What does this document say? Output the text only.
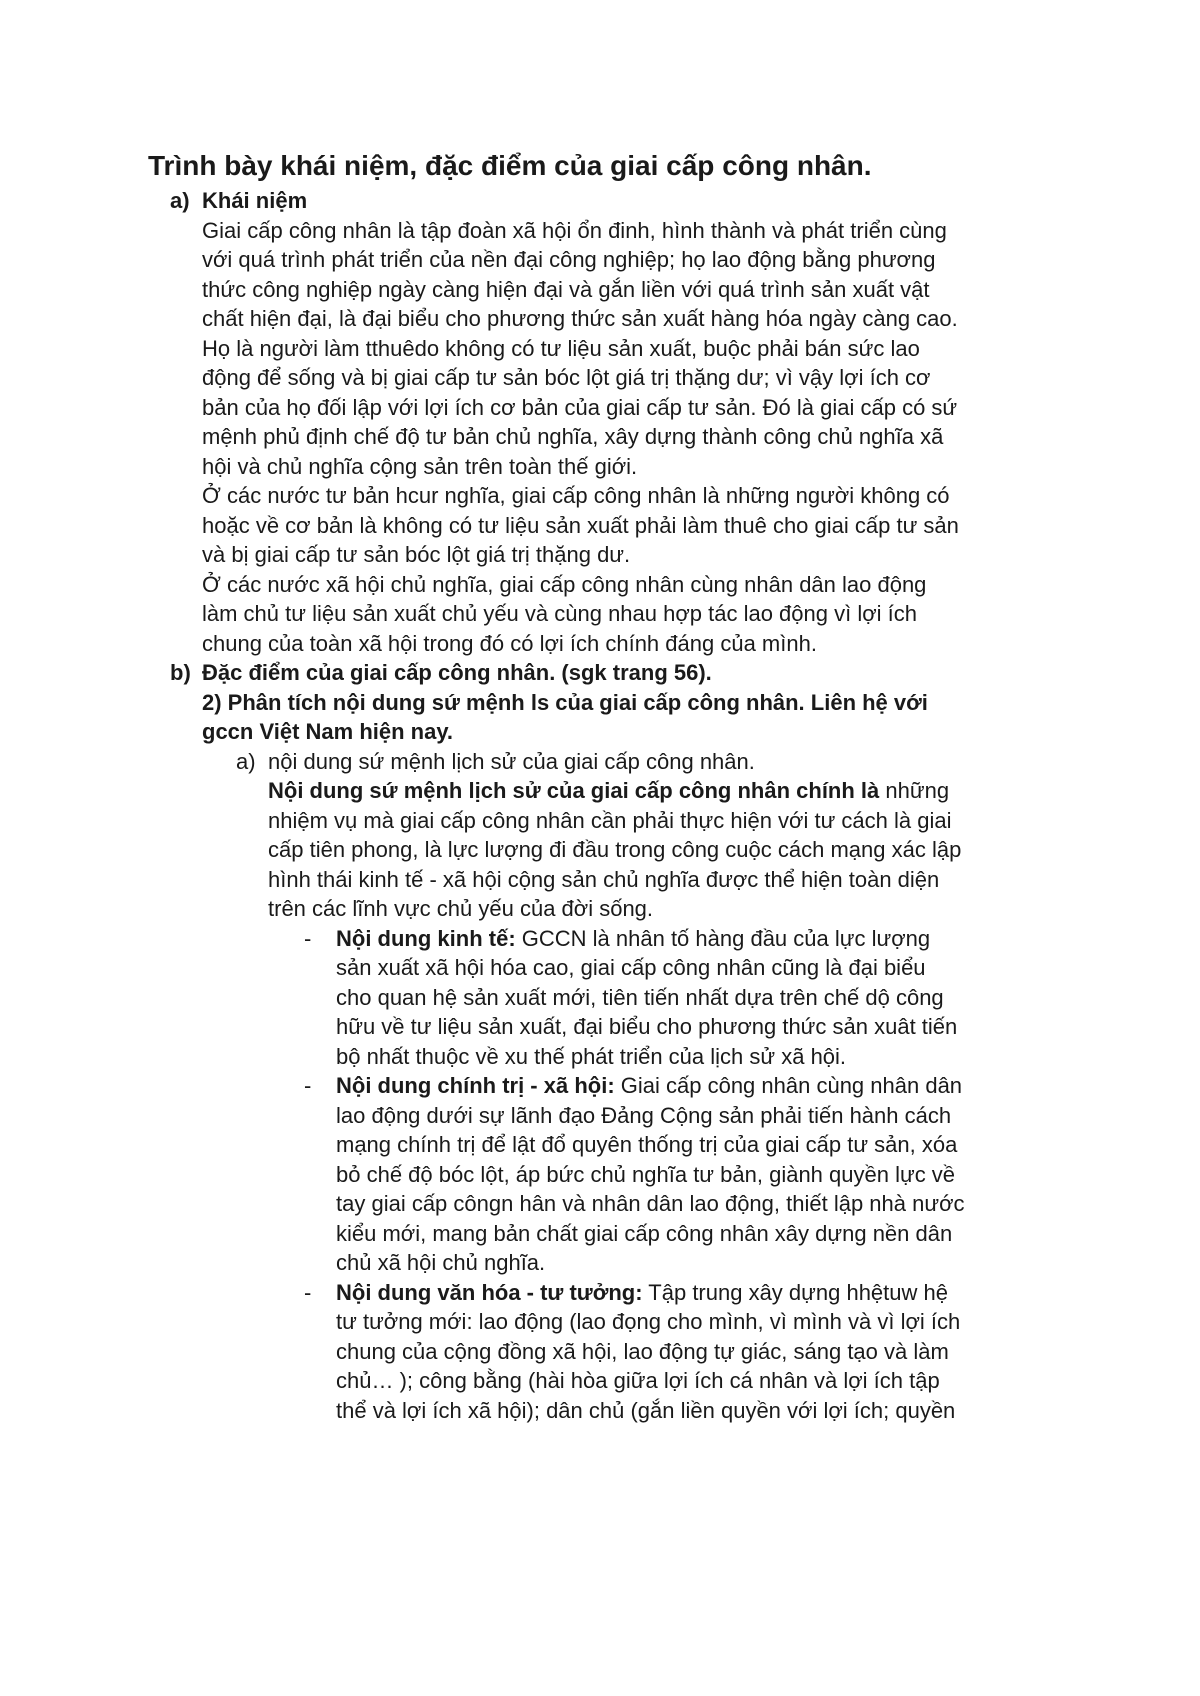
Trình bày khái niệm, đặc điểm của giai cấp công nhân.
a) Khái niệm
Giai cấp công nhân là tập đoàn xã hội ổn đinh, hình thành và phát triển cùng
với quá trình phát triển của nền đại công nghiệp; họ lao động bằng phương
thức công nghiệp ngày càng hiện đại và gắn liền với quá trình sản xuất vật
chất hiện đại, là đại biểu cho phương thức sản xuất hàng hóa ngày càng cao.
Họ là người làm tthuêdo không có tư liệu sản xuất, buộc phải bán sức lao
động để sống và bị giai cấp tư sản bóc lột giá trị thặng dư; vì vậy lợi ích cơ
bản của họ đối lập với lợi ích cơ bản của giai cấp tư sản. Đó là giai cấp có sứ
mệnh phủ định chế độ tư bản chủ nghĩa, xây dựng thành công chủ nghĩa xã
hội và chủ nghĩa cộng sản trên toàn thế giới.
Ở các nước tư bản hcur nghĩa, giai cấp công nhân là những người không có
hoặc về cơ bản là không có tư liệu sản xuất phải làm thuê cho giai cấp tư sản
và bị giai cấp tư sản bóc lột giá trị thặng dư.
Ở các nước xã hội chủ nghĩa, giai cấp công nhân cùng nhân dân lao động
làm chủ tư liệu sản xuất chủ yếu và cùng nhau hợp tác lao động vì lợi ích
chung của toàn xã hội trong đó có lợi ích chính đáng của mình.
b) Đặc điểm của giai cấp công nhân. (sgk trang 56).
2) Phân tích nội dung sứ mệnh ls của giai cấp công nhân. Liên hệ với
gccn Việt Nam hiện nay.
a) nội dung sứ mệnh lịch sử của giai cấp công nhân.
Nội dung sứ mệnh lịch sử của giai cấp công nhân chính là những
nhiệm vụ mà giai cấp công nhân cần phải thực hiện với tư cách là giai
cấp tiên phong, là lực lượng đi đầu trong công cuộc cách mạng xác lập
hình thái kinh tế - xã hội cộng sản chủ nghĩa được thể hiện toàn diện
trên các lĩnh vực chủ yếu của đời sống.
- Nội dung kinh tế: GCCN là nhân tố hàng đầu của lực lượng
sản xuất xã hội hóa cao, giai cấp công nhân cũng là đại biểu
cho quan hệ sản xuất mới, tiên tiến nhất dựa trên chế dộ công
hữu về tư liệu sản xuất, đại biểu cho phương thức sản xuât tiến
bộ nhất thuộc về xu thế phát triển của lịch sử xã hội.
- Nội dung chính trị - xã hội: Giai cấp công nhân cùng nhân dân
lao động dưới sự lãnh đạo Đảng Cộng sản phải tiến hành cách
mạng chính trị để lật đổ quyên thống trị của giai cấp tư sản, xóa
bỏ chế độ bóc lột, áp bức chủ nghĩa tư bản, giành quyền lực về
tay giai cấp côngn hân và nhân dân lao động, thiết lập nhà nước
kiểu mới, mang bản chất giai cấp công nhân xây dựng nền dân
chủ xã hội chủ nghĩa.
- Nội dung văn hóa - tư tưởng: Tập trung xây dựng hhệtuw hệ
tư tưởng mới: lao động (lao đọng cho mình, vì mình và vì lợi ích
chung của cộng đồng xã hội, lao động tự giác, sáng tạo và làm
chủ… ); công bằng (hài hòa giữa lợi ích cá nhân và lợi ích tập
thể và lợi ích xã hội); dân chủ (gắn liền quyền với lợi ích; quyền
